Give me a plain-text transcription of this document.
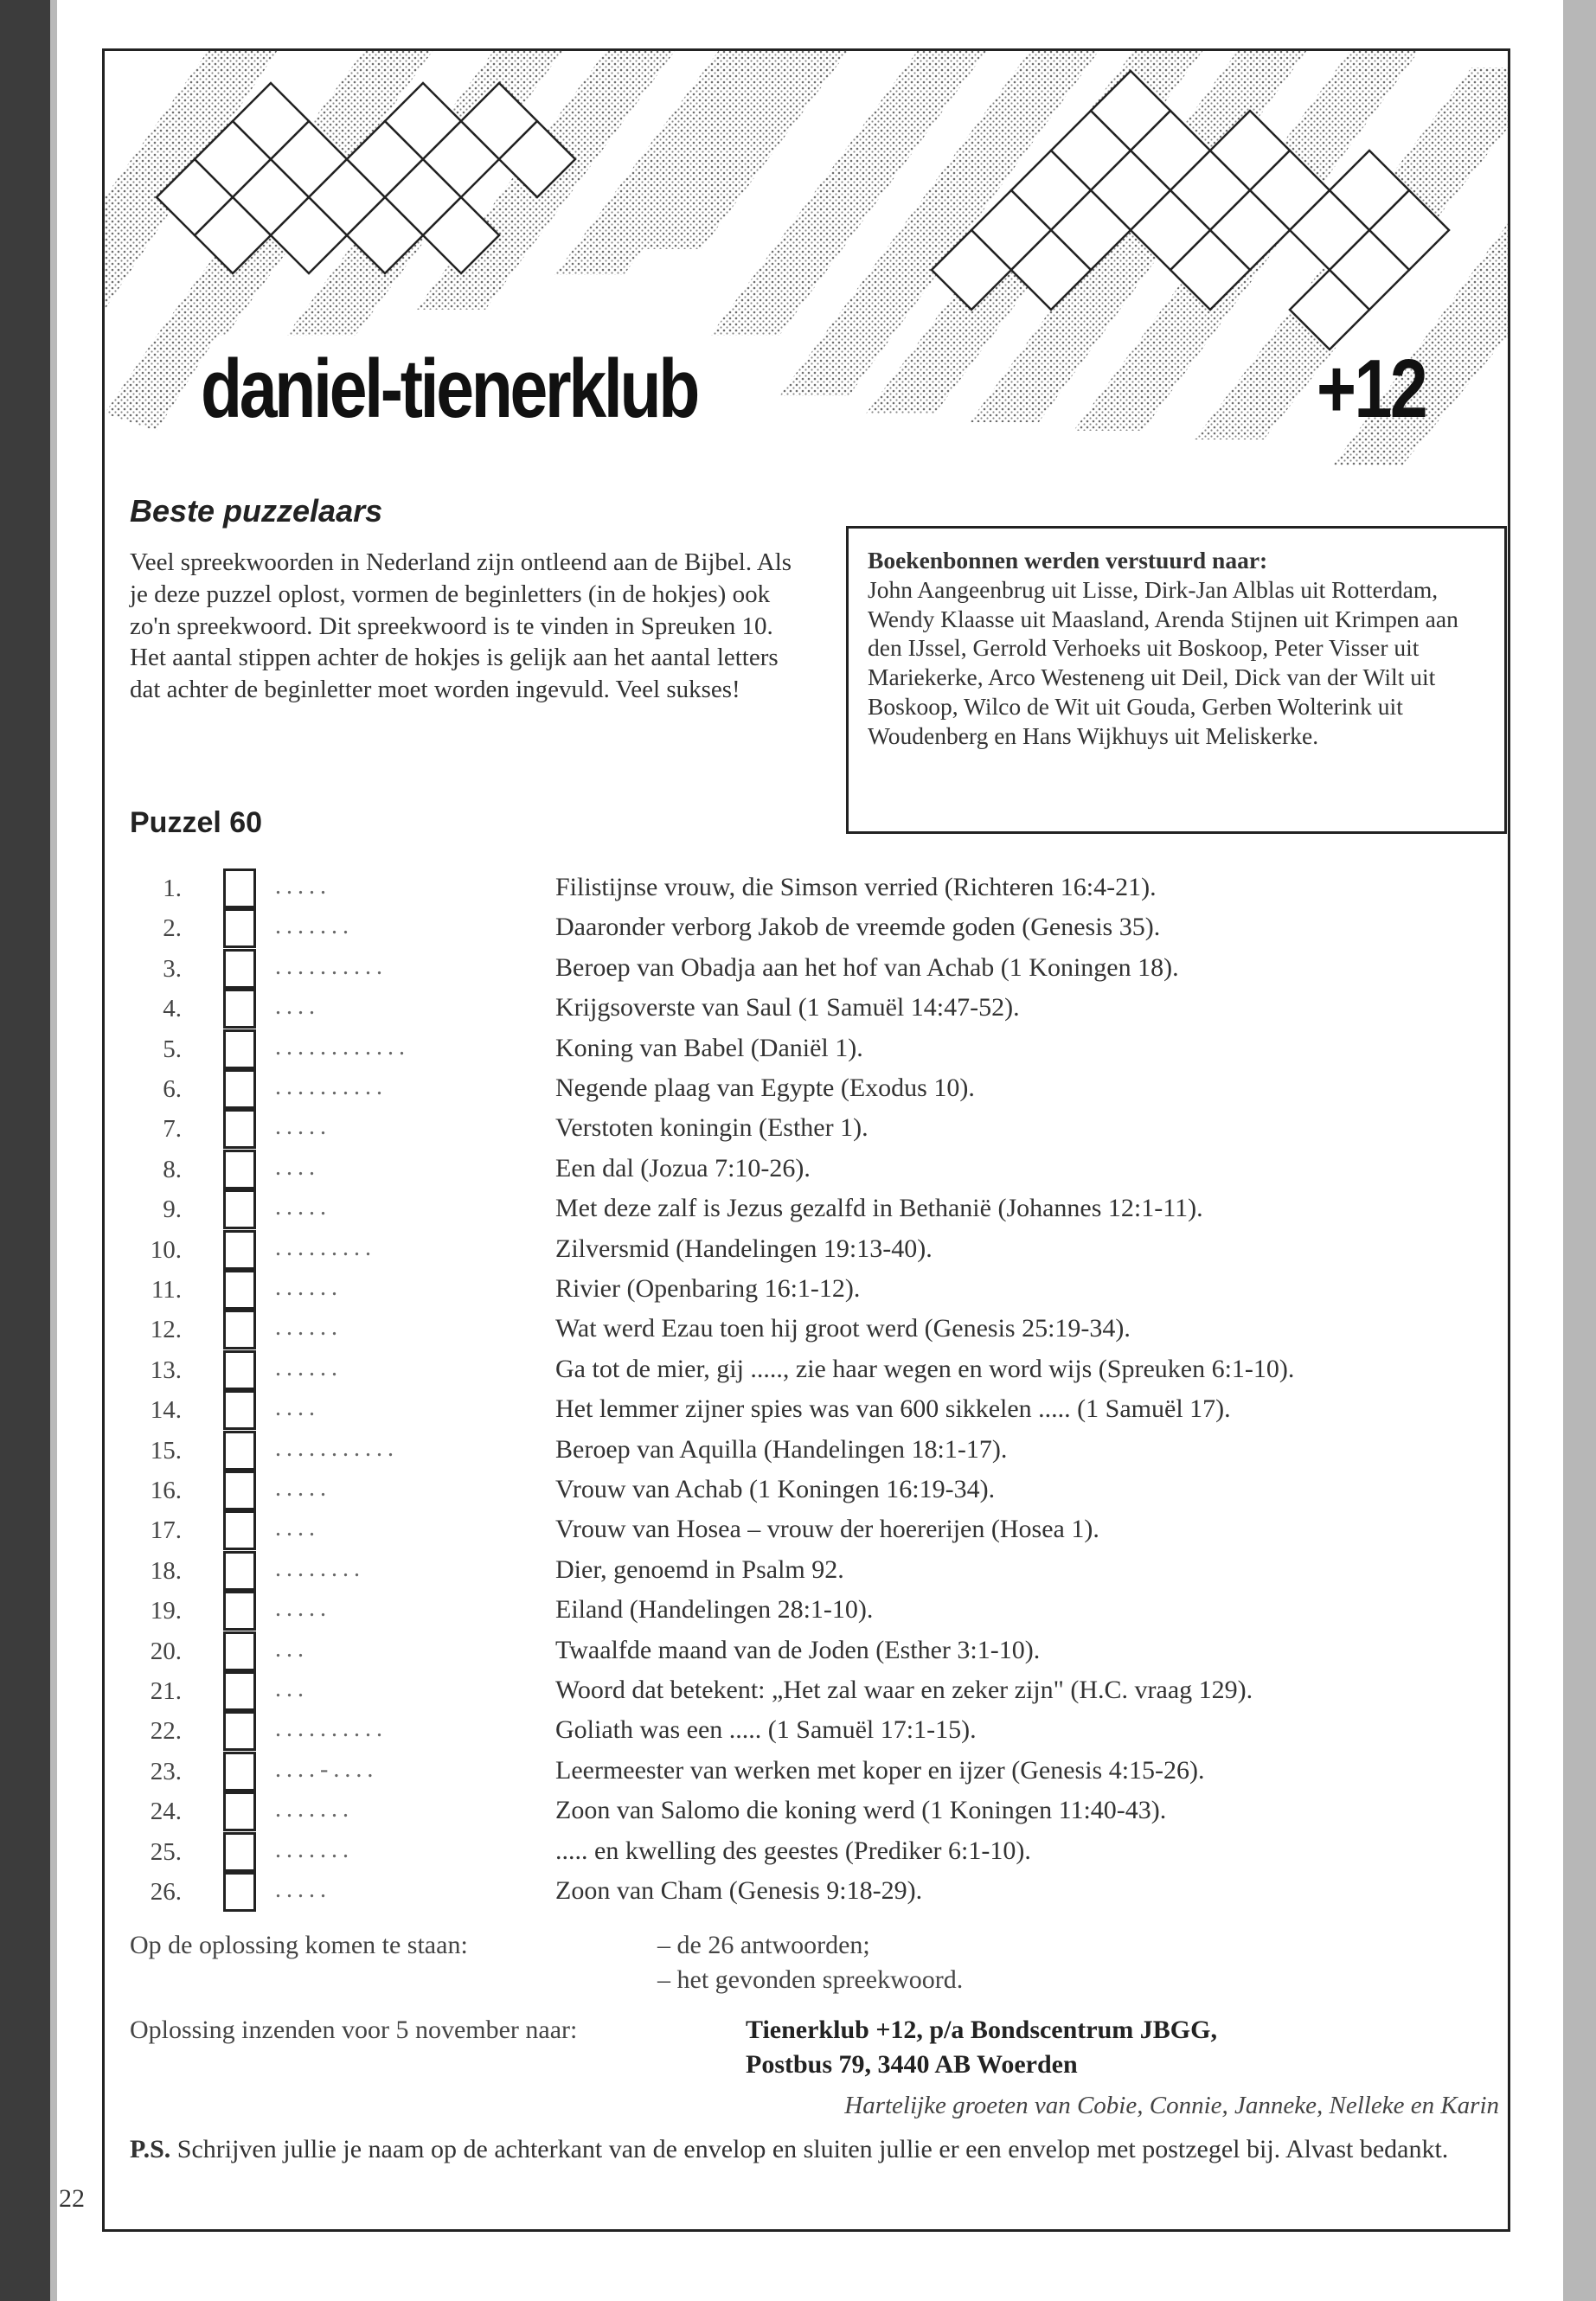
22
daniel-tienerklub	+12
Beste puzzelaars

Veel spreekwoorden in Nederland zijn ontleend aan de Bijbel. Als je deze puzzel oplost, vormen de beginletters (in de hokjes) ook zo'n spreekwoord. Dit spreekwoord is te vinden in Spreuken 10. Het aantal stippen achter de hokjes is gelijk aan het aantal letters dat achter de beginletter moet worden ingevuld. Veel sukses!

Boekenbonnen werden verstuurd naar:
John Aangeenbrug uit Lisse, Dirk-Jan Alblas uit Rotterdam, Wendy Klaasse uit Maasland, Arenda Stijnen uit Krimpen aan den IJssel, Gerrold Verhoeks uit Boskoop, Peter Visser uit Mariekerke, Arco Westeneng uit Deil, Dick van der Wilt uit Boskoop, Wilco de Wit uit Gouda, Gerben Wolterink uit Woudenberg en Hans Wijkhuys uit Meliskerke.
Puzzel 60
1.	.....	Filistijnse vrouw, die Simson verried (Richteren 16:4-21).
2.	.......	Daaronder verborg Jakob de vreemde goden (Genesis 35).
3.	..........	Beroep van Obadja aan het hof van Achab (1 Koningen 18).
4.	....	Krijgsoverste van Saul (1 Samuël 14:47-52).
5.	............	Koning van Babel (Daniël 1).
6.	..........	Negende plaag van Egypte (Exodus 10).
7.	.....	Verstoten koningin (Esther 1).
8.	....	Een dal (Jozua 7:10-26).
9.	.....	Met deze zalf is Jezus gezalfd in Bethanië (Johannes 12:1-11).
10.	.........	Zilversmid (Handelingen 19:13-40).
11.	......	Rivier (Openbaring 16:1-12).
12.	......	Wat werd Ezau toen hij groot werd (Genesis 25:19-34).
13.	......	Ga tot de mier, gij ....., zie haar wegen en word wijs (Spreuken 6:1-10).
14.	....	Het lemmer zijner spies was van 600 sikkelen ..... (1 Samuël 17).
15.	...........	Beroep van Aquilla (Handelingen 18:1-17).
16.	.....	Vrouw van Achab (1 Koningen 16:19-34).
17.	....	Vrouw van Hosea – vrouw der hoererijen (Hosea 1).
18.	........	Dier, genoemd in Psalm 92.
19.	.....	Eiland (Handelingen 28:1-10).
20.	...	Twaalfde maand van de Joden (Esther 3:1-10).
21.	...	Woord dat betekent: „Het zal waar en zeker zijn" (H.C. vraag 129).
22.	..........	Goliath was een ..... (1 Samuël 17:1-15).
23.	....-....	Leermeester van werken met koper en ijzer (Genesis 4:15-26).
24.	.......	Zoon van Salomo die koning werd (1 Koningen 11:40-43).
25.	.......	..... en kwelling des geestes (Prediker 6:1-10).
26.	.....	Zoon van Cham (Genesis 9:18-29).
Op de oplossing komen te staan:	– de 26 antwoorden;
– het gevonden spreekwoord.
Oplossing inzenden voor 5 november naar:	Tienerklub +12, p/a Bondscentrum JBGG,
Postbus 79, 3440 AB Woerden
Hartelijke groeten van Cobie, Connie, Janneke, Nelleke en Karin

P.S. Schrijven jullie je naam op de achterkant van de envelop en sluiten jullie er een envelop met postzegel bij. Alvast bedankt.
